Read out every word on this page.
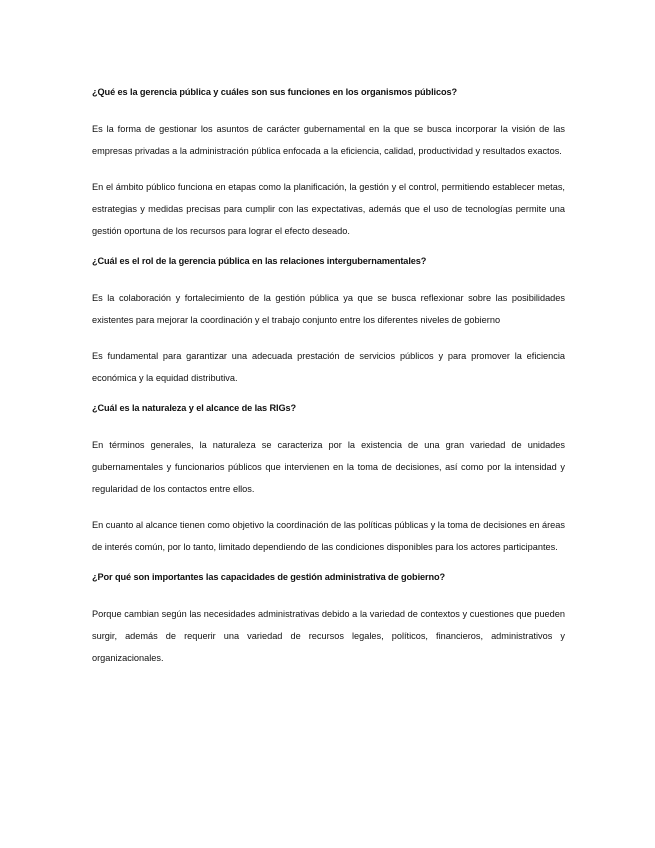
¿Qué es la gerencia pública y cuáles son sus funciones en los organismos públicos?

Es la forma de gestionar los asuntos de carácter gubernamental en la que se busca incorporar la visión de las empresas privadas a la administración pública enfocada a la eficiencia, calidad, productividad y resultados exactos.

En el ámbito público funciona en etapas como la planificación, la gestión y el control, permitiendo establecer metas, estrategias y medidas precisas para cumplir con las expectativas, además que el uso de tecnologías permite una gestión oportuna de los recursos para lograr el efecto deseado.

¿Cuál es el rol de la gerencia pública en las relaciones intergubernamentales?

Es la colaboración y fortalecimiento de la gestión pública ya que se busca reflexionar sobre las posibilidades existentes para mejorar la coordinación y el trabajo conjunto entre los diferentes niveles de gobierno

Es fundamental para garantizar una adecuada prestación de servicios públicos y para promover la eficiencia económica y la equidad distributiva.

¿Cuál es la naturaleza y el alcance de las RIGs?

En términos generales, la naturaleza se caracteriza por la existencia de una gran variedad de unidades gubernamentales y funcionarios públicos que intervienen en la toma de decisiones, así como por la intensidad y regularidad de los contactos entre ellos.

En cuanto al alcance tienen como objetivo la coordinación de las políticas públicas y la toma de decisiones en áreas de interés común, por lo tanto, limitado dependiendo de las condiciones disponibles para los actores participantes.

¿Por qué son importantes las capacidades de gestión administrativa de gobierno?

Porque cambian según las necesidades administrativas debido a la variedad de contextos y cuestiones que pueden surgir, además de requerir una variedad de recursos legales, políticos, financieros, administrativos y organizacionales.
